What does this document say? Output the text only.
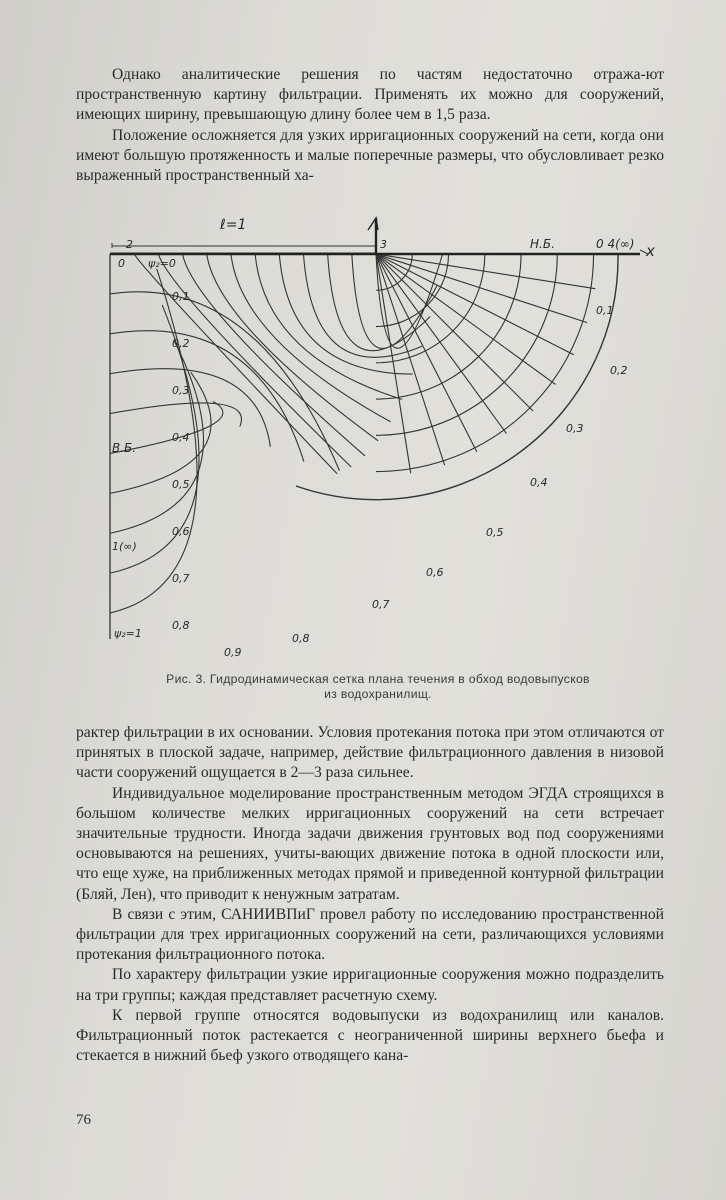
Однако аналитические решения по частям недостаточно отража-ют пространственную картину фильтрации. Применять их можно для сооружений, имеющих ширину, превышающую длину более чем в 1,5 раза.

Положение осложняется для узких ирригационных сооружений на сети, когда они имеют большую протяженность и малые поперечные размеры, что обусловливает резко выраженный пространственный ха-

ℓ=1
2	3
0
Н.Б.	0 4(∞) x
ψ₂=0
ψ₂=1
В.Б.
1(∞)
0,1
0,2
0,3
0,4
0,5
0,6
0,7
0,8
0,1
0,2
0,3
0,4
0,5
0,6
0,7
0,8
0,9
Рис. 3. Гидродинамическая сетка плана течения в обход водовыпусков
из водохранилищ.

рактер фильтрации в их основании. Условия протекания потока при этом отличаются от принятых в плоской задаче, например, действие фильтрационного давления в низовой части сооружений ощущается в 2—3 раза сильнее.

Индивидуальное моделирование пространственным методом ЭГДА строящихся в большом количестве мелких ирригационных сооружений на сети встречает значительные трудности. Иногда задачи движения грунтовых вод под сооружениями основываются на решениях, учиты-вающих движение потока в одной плоскости или, что еще хуже, на приближенных методах прямой и приведенной контурной фильтрации (Бляй, Лен), что приводит к ненужным затратам.

В связи с этим, САНИИВПиГ провел работу по исследованию пространственной фильтрации для трех ирригационных сооружений на сети, различающихся условиями протекания фильтрационного потока.

По характеру фильтрации узкие ирригационные сооружения можно подразделить на три группы; каждая представляет расчетную схему.

К первой группе относятся водовыпуски из водохранилищ или каналов. Фильтрационный поток растекается с неограниченной ширины верхнего бьефа и стекается в нижний бьеф узкого отводящего кана-

76
